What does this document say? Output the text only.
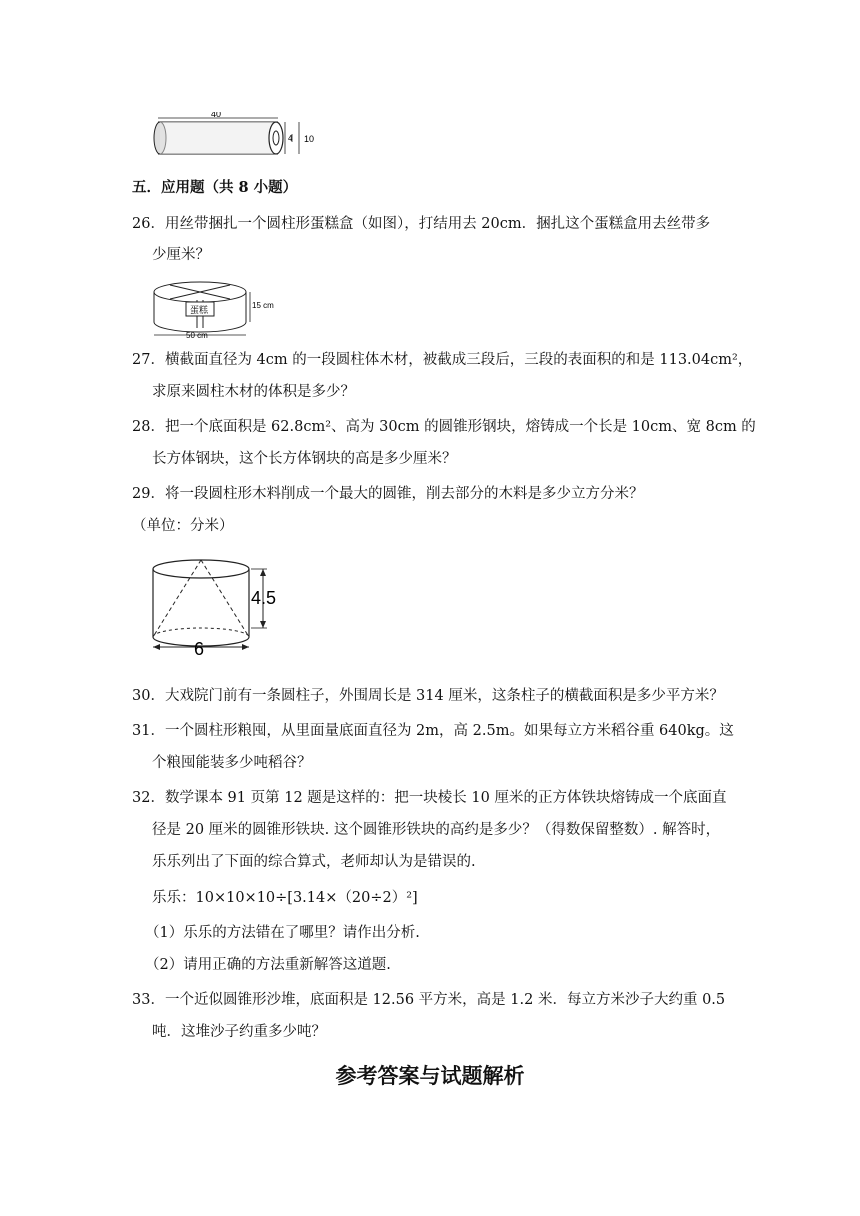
40
4 10
五．应用题（共 8 小题）
26．用丝带捆扎一个圆柱形蛋糕盒（如图），打结用去 20cm．捆扎这个蛋糕盒用去丝带多
少厘米？
蛋糕	15 cm
50 cm
27．横截面直径为 4cm 的一段圆柱体木材，被截成三段后，三段的表面积的和是 113.04cm²，
求原来圆柱木材的体积是多少？
28．把一个底面积是 62.8cm²、高为 30cm 的圆锥形钢块，熔铸成一个长是 10cm、宽 8cm 的
长方体钢块，这个长方体钢块的高是多少厘米？
29．将一段圆柱形木料削成一个最大的圆锥，削去部分的木料是多少立方分米？
（单位：分米）
4.5
6
30．大戏院门前有一条圆柱子，外围周长是 314 厘米，这条柱子的横截面积是多少平方米？
31．一个圆柱形粮囤，从里面量底面直径为 2m，高 2.5m。如果每立方米稻谷重 640kg。这
个粮囤能装多少吨稻谷？
32．数学课本 91 页第 12 题是这样的：把一块棱长 10 厘米的正方体铁块熔铸成一个底面直
径是 20 厘米的圆锥形铁块. 这个圆锥形铁块的高约是多少？（得数保留整数）. 解答时，
乐乐列出了下面的综合算式，老师却认为是错误的.
乐乐：10×10×10÷[3.14×（20÷2）²]
（1）乐乐的方法错在了哪里？请作出分析.
（2）请用正确的方法重新解答这道题.
33．一个近似圆锥形沙堆，底面积是 12.56 平方米，高是 1.2 米．每立方米沙子大约重 0.5
吨．这堆沙子约重多少吨？
参考答案与试题解析
